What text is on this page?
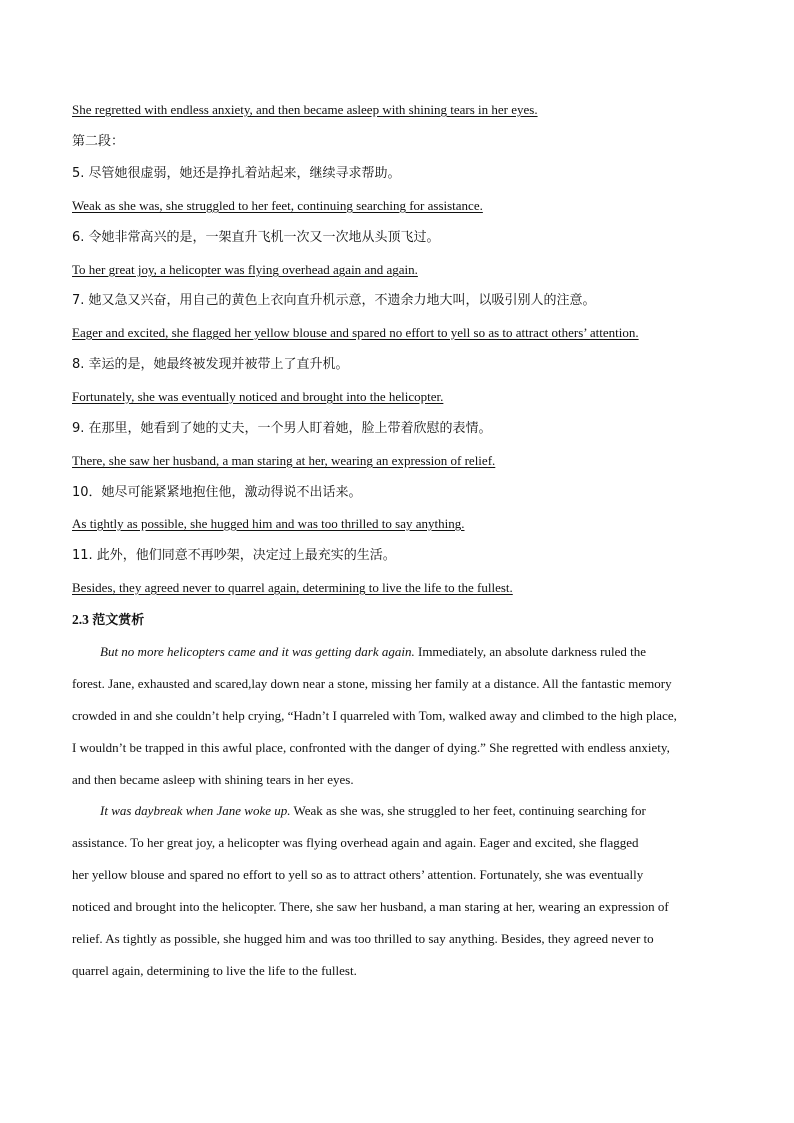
She regretted with endless anxiety, and then became asleep with shining tears in her eyes.
第二段：
5. 尽管她很虚弱，她还是挣扎着站起来，继续寻求帮助。
Weak as she was, she struggled to her feet, continuing searching for assistance.
6. 令她非常高兴的是，一架直升飞机一次又一次地从头顶飞过。
To her great joy, a helicopter was flying overhead again and again.
7. 她又急又兴奋，用自己的黄色上衣向直升机示意，不遗余力地大叫，以吸引别人的注意。
Eager and excited, she flagged her yellow blouse and spared no effort to yell so as to attract others’ attention.
8. 幸运的是，她最终被发现并被带上了直升机。
Fortunately, she was eventually noticed and brought into the helicopter.
9. 在那里，她看到了她的丈夫，一个男人盯着她，脸上带着欣慰的表情。
There, she saw her husband, a man staring at her, wearing an expression of relief.
10．她尽可能紧紧地抱住他，激动得说不出话来。
As tightly as possible, she hugged him and was too thrilled to say anything.
11. 此外，他们同意不再吵架，决定过上最充实的生活。
Besides, they agreed never to quarrel again, determining to live the life to the fullest.
2.3 范文赏析
But no more helicopters came and it was getting dark again. Immediately, an absolute darkness ruled the
forest. Jane, exhausted and scared,lay down near a stone, missing her family at a distance. All the fantastic memory
crowded in and she couldn’t help crying, “Hadn’t I quarreled with Tom, walked away and climbed to the high place,
I wouldn’t be trapped in this awful place, confronted with the danger of dying.” She regretted with endless anxiety,
and then became asleep with shining tears in her eyes.
It was daybreak when Jane woke up. Weak as she was, she struggled to her feet, continuing searching for
assistance. To her great joy, a helicopter was flying overhead again and again. Eager and excited, she flagged
her yellow blouse and spared no effort to yell so as to attract others’ attention. Fortunately, she was eventually
noticed and brought into the helicopter. There, she saw her husband, a man staring at her, wearing an expression of
relief. As tightly as possible, she hugged him and was too thrilled to say anything. Besides, they agreed never to
quarrel again, determining to live the life to the fullest.
